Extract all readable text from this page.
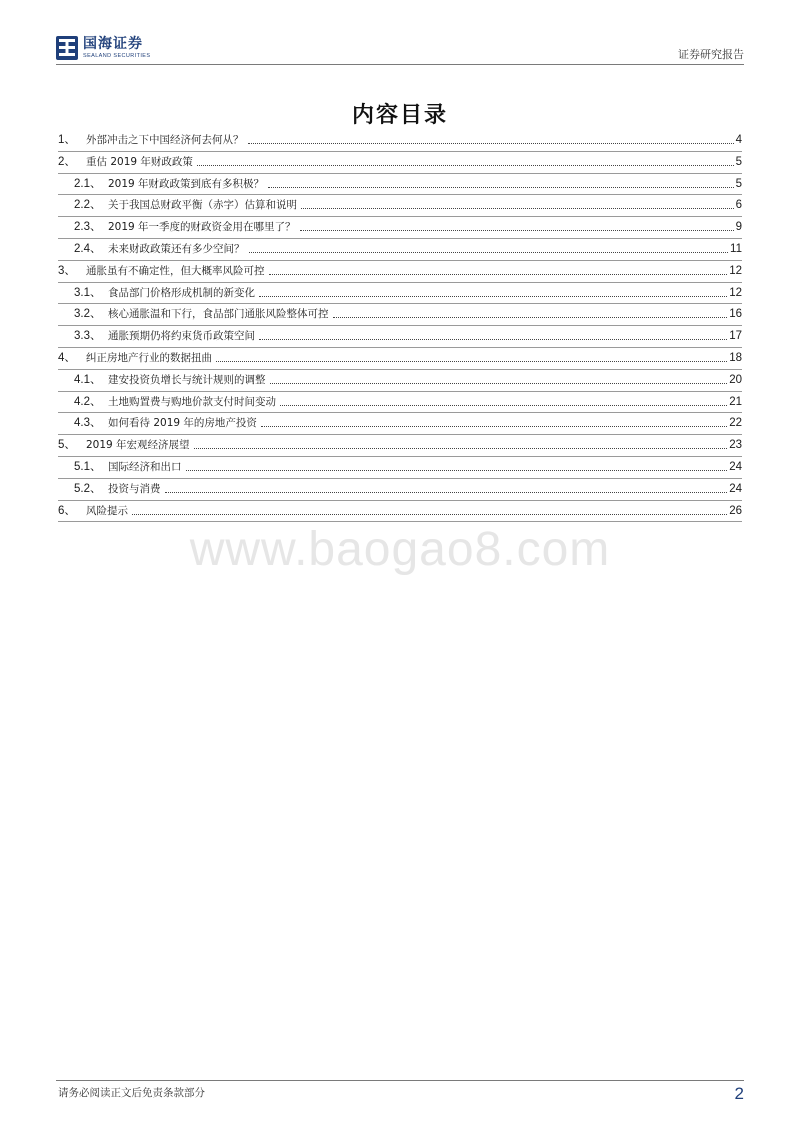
国海证券
SEALAND SECURITIES	证券研究报告
内容目录
1、 外部冲击之下中国经济何去何从？	4
2、 重估 2019 年财政政策	5
2.1、 2019 年财政政策到底有多积极？	5
2.2、 关于我国总财政平衡（赤字）估算和说明	6
2.3、 2019 年一季度的财政资金用在哪里了？	9
2.4、 未来财政政策还有多少空间？	11
3、 通胀虽有不确定性，但大概率风险可控	12
3.1、 食品部门价格形成机制的新变化	12
3.2、 核心通胀温和下行，食品部门通胀风险整体可控	16
3.3、 通胀预期仍将约束货币政策空间	17
4、 纠正房地产行业的数据扭曲	18
4.1、 建安投资负增长与统计规则的调整	20
4.2、 土地购置费与购地价款支付时间变动	21
4.3、 如何看待 2019 年的房地产投资	22
5、 2019 年宏观经济展望	23
5.1、 国际经济和出口	24
5.2、 投资与消费	24
6、 风险提示	26
www.baogao8.com
请务必阅读正文后免责条款部分	2
